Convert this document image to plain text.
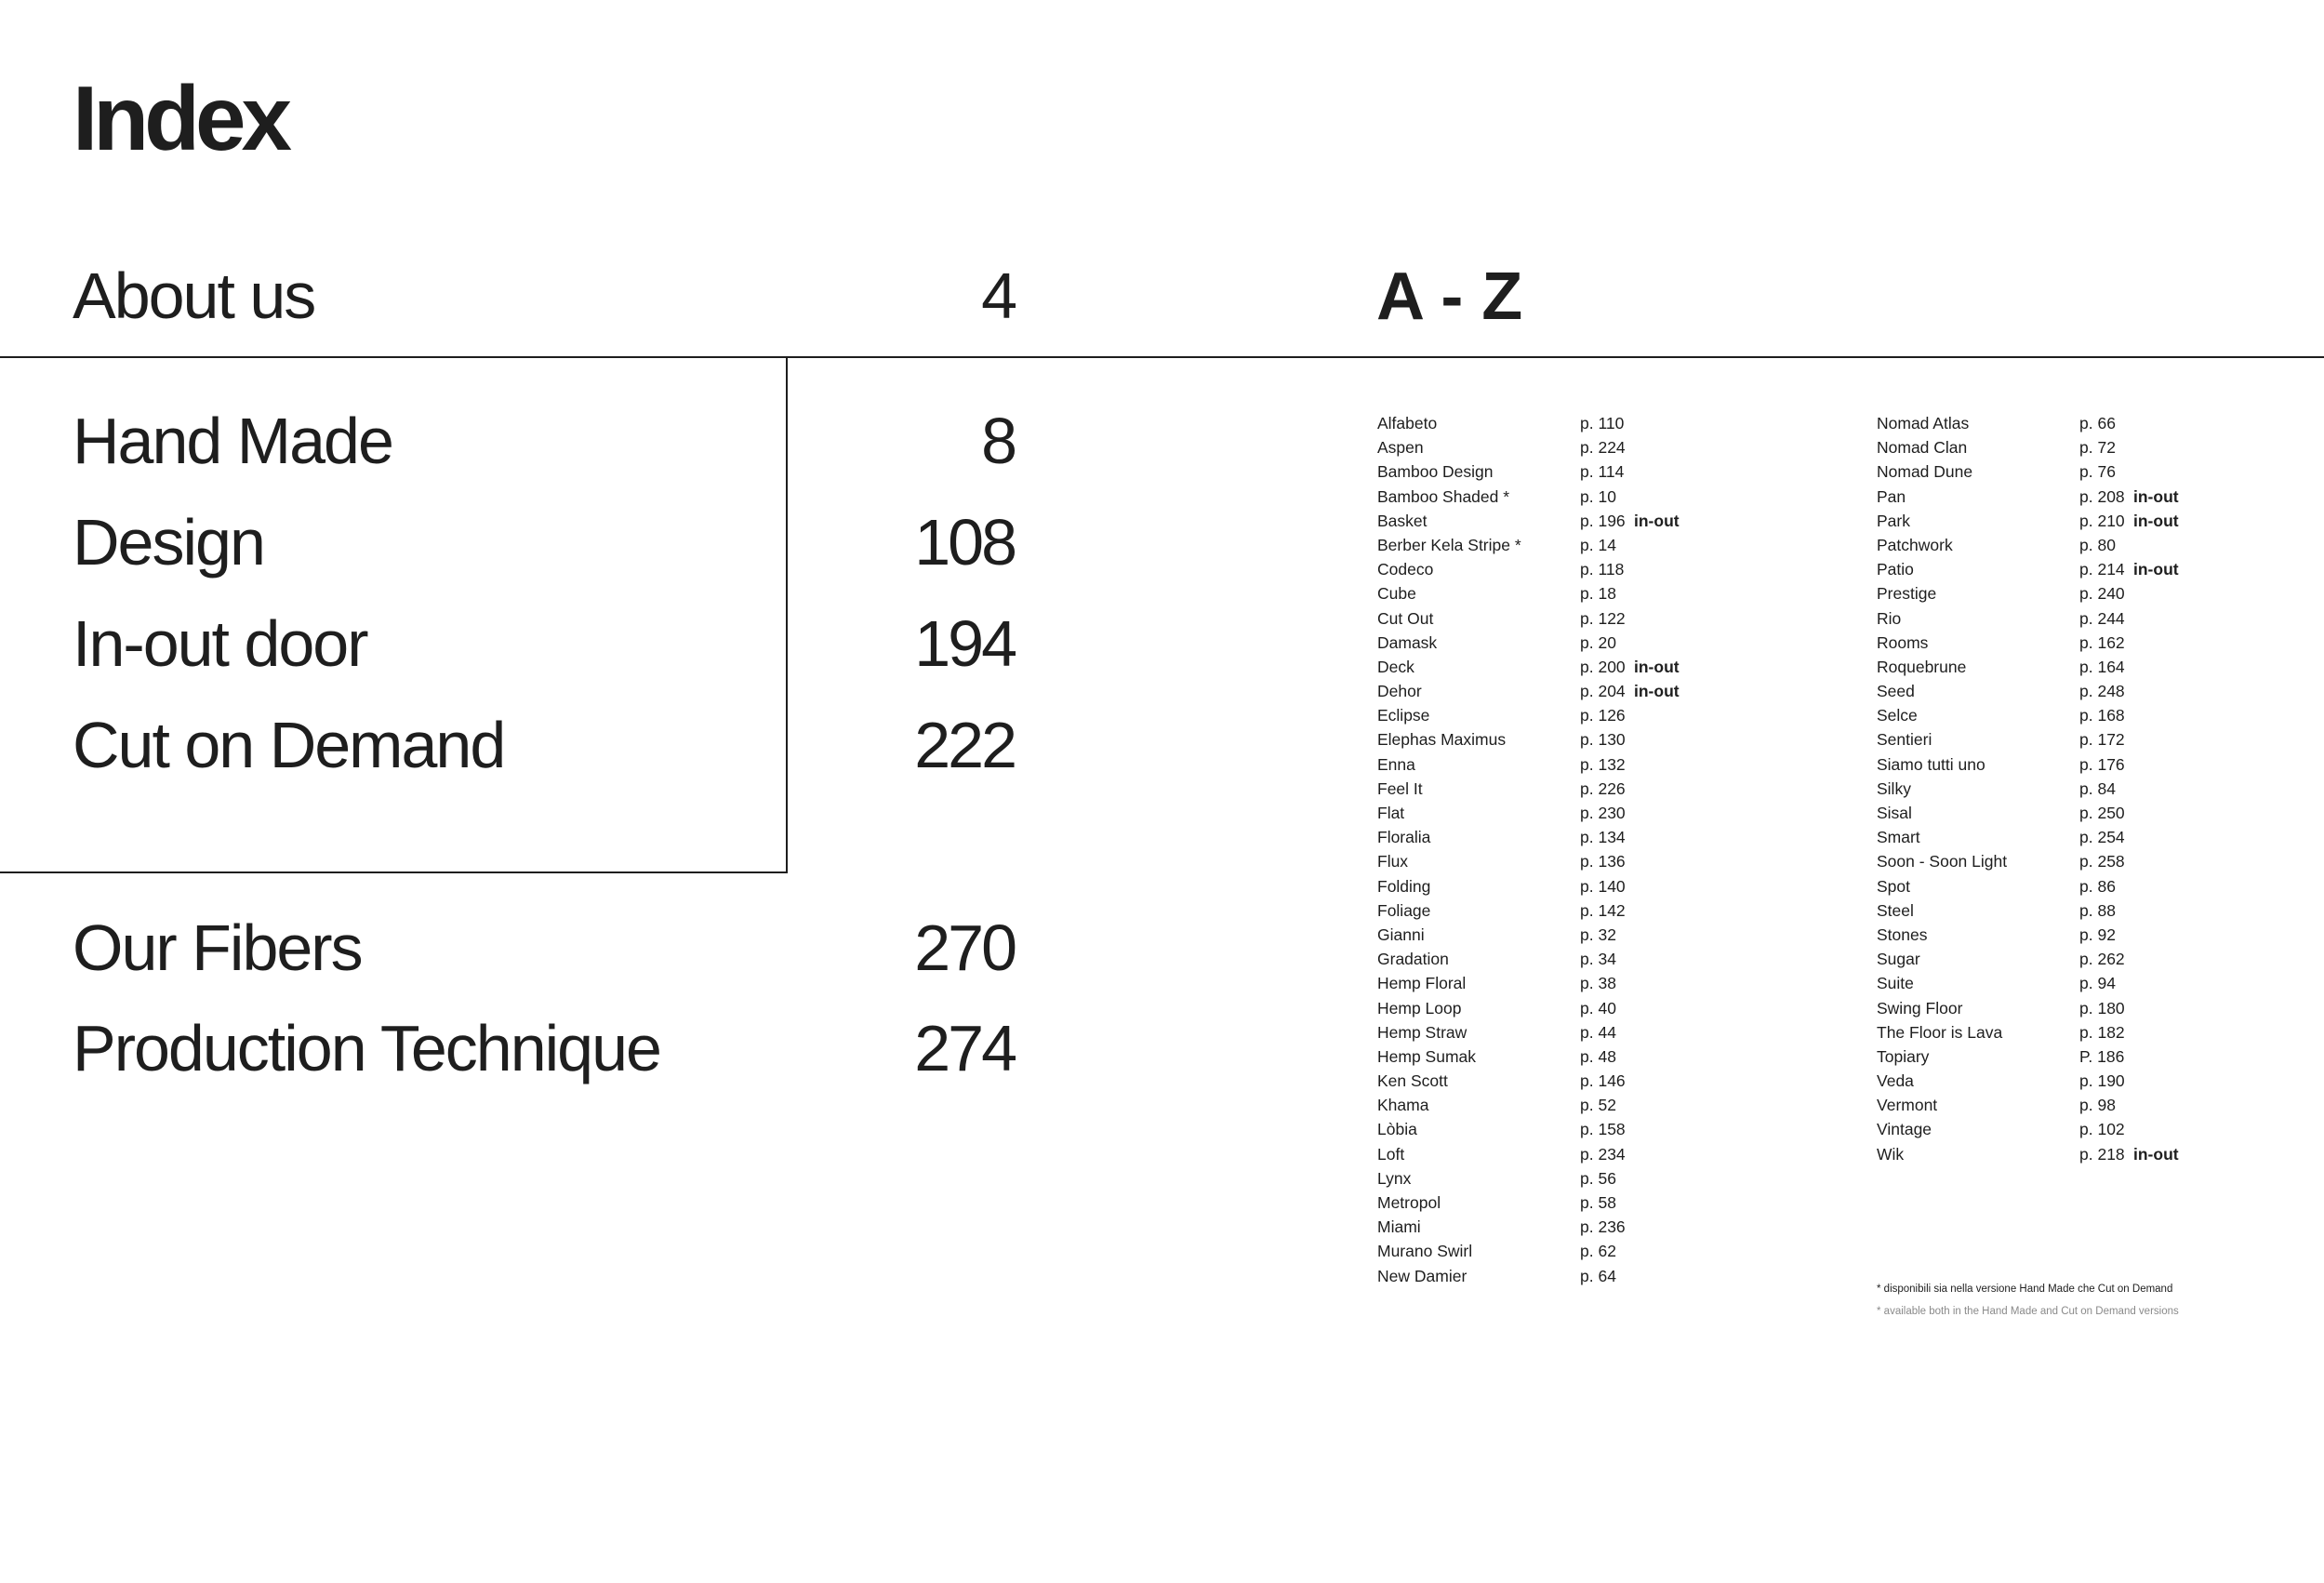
Index
About us	4
Hand Made	8
Design	108
In-out door	194
Cut on Demand	222
Our Fibers	270
Production Technique	274
A - Z
Alfabeto	p. 110
Aspen	p. 224
Bamboo Design	p. 114
Bamboo Shaded *	p. 10
Basket	p. 196 in-out
Berber Kela Stripe *	p. 14
Codeco	p. 118
Cube	p. 18
Cut Out	p. 122
Damask	p. 20
Deck	p. 200 in-out
Dehor	p. 204 in-out
Eclipse	p. 126
Elephas Maximus	p. 130
Enna	p. 132
Feel It	p. 226
Flat	p. 230
Floralia	p. 134
Flux	p. 136
Folding	p. 140
Foliage	p. 142
Gianni	p. 32
Gradation	p. 34
Hemp Floral	p. 38
Hemp Loop	p. 40
Hemp Straw	p. 44
Hemp Sumak	p. 48
Ken Scott	p. 146
Khama	p. 52
Lòbia	p. 158
Loft	p. 234
Lynx	p. 56
Metropol	p. 58
Miami	p. 236
Murano Swirl	p. 62
New Damier	p. 64
Nomad Atlas	p. 66
Nomad Clan	p. 72
Nomad Dune	p. 76
Pan	p. 208 in-out
Park	p. 210 in-out
Patchwork	p. 80
Patio	p. 214 in-out
Prestige	p. 240
Rio	p. 244
Rooms	p. 162
Roquebrune	p. 164
Seed	p. 248
Selce	p. 168
Sentieri	p. 172
Siamo tutti uno	p. 176
Silky	p. 84
Sisal	p. 250
Smart	p. 254
Soon - Soon Light	p. 258
Spot	p. 86
Steel	p. 88
Stones	p. 92
Sugar	p. 262
Suite	p. 94
Swing Floor	p. 180
The Floor is Lava	p. 182
Topiary	P. 186
Veda	p. 190
Vermont	p. 98
Vintage	p. 102
Wik	p. 218 in-out
* disponibili sia nella versione Hand Made che Cut on Demand
* available both in the Hand Made and Cut on Demand versions
